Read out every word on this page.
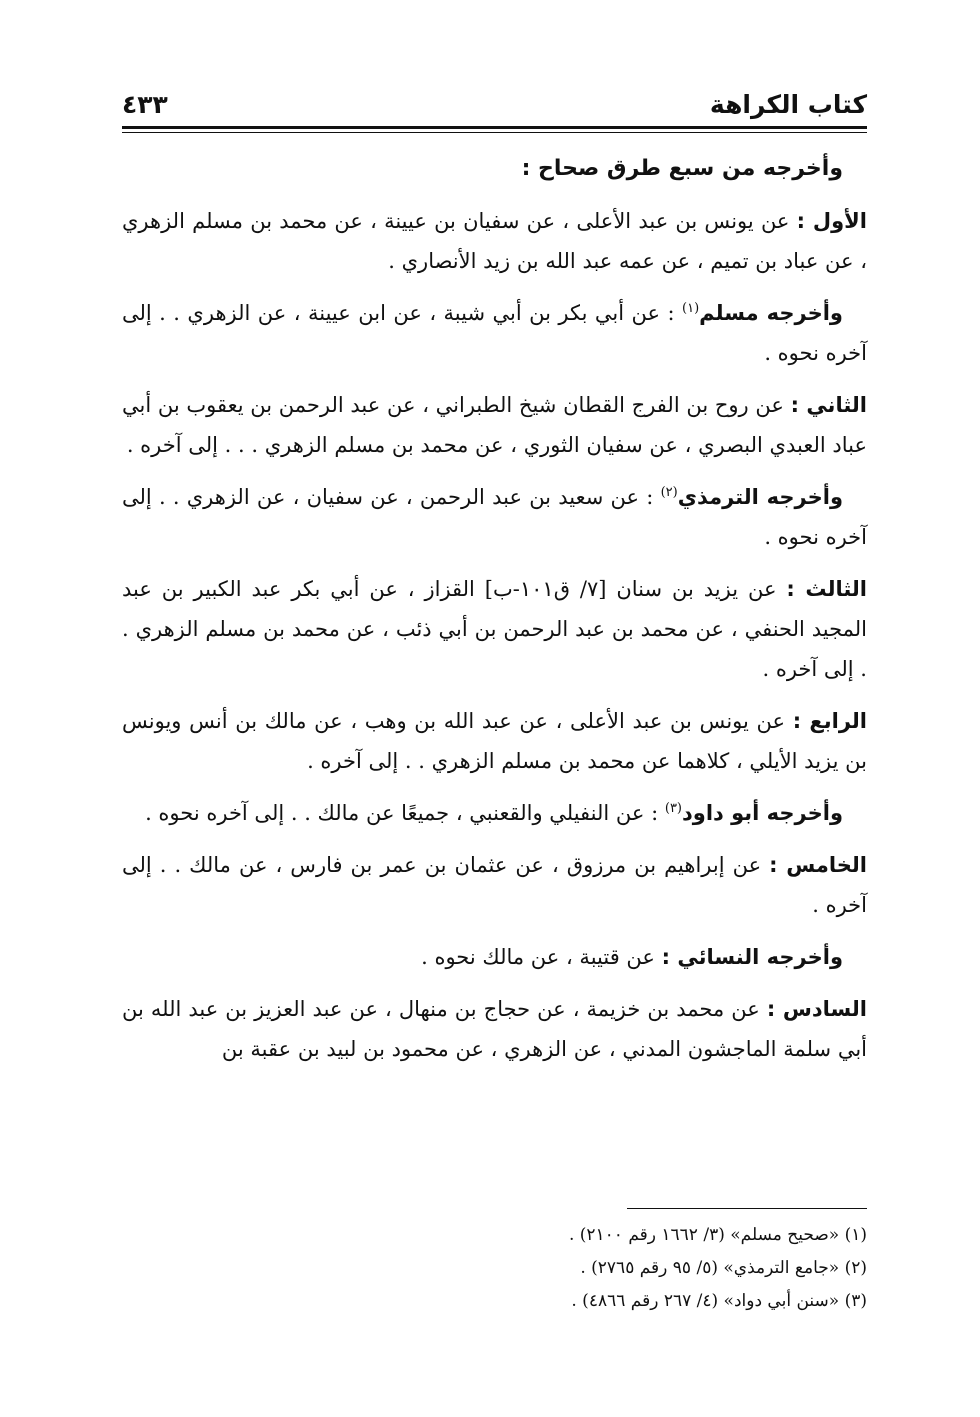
كتاب الكراهة
٤٣٣

وأخرجه من سبع طرق صحاح :

الأول : عن يونس بن عبد الأعلى ، عن سفيان بن عيينة ، عن محمد بن مسلم الزهري ، عن عباد بن تميم ، عن عمه عبد الله بن زيد الأنصاري .

وأخرجه مسلم$^{(١)}$ : عن أبي بكر بن أبي شيبة ، عن ابن عيينة ، عن الزهري . . إلى آخره نحوه .

الثاني : عن روح بن الفرج القطان شيخ الطبراني ، عن عبد الرحمن بن يعقوب بن أبي عباد العبدي البصري ، عن سفيان الثوري ، عن محمد بن مسلم الزهري . . . إلى آخره .

وأخرجه الترمذي$^{(٢)}$ : عن سعيد بن عبد الرحمن ، عن سفيان ، عن الزهري . . إلى آخره نحوه .

الثالث : عن يزيد بن سنان [٧/ ق١٠١-ب] القزاز ، عن أبي بكر عبد الكبير بن عبد المجيد الحنفي ، عن محمد بن عبد الرحمن بن أبي ذئب ، عن محمد بن مسلم الزهري . . إلى آخره .

الرابع : عن يونس بن عبد الأعلى ، عن عبد الله بن وهب ، عن مالك بن أنس ويونس بن يزيد الأيلي ، كلاهما عن محمد بن مسلم الزهري . . إلى آخره .

وأخرجه أبو داود$^{(٣)}$ : عن النفيلي والقعنبي ، جميعًا عن مالك . . إلى آخره نحوه .

الخامس : عن إبراهيم بن مرزوق ، عن عثمان بن عمر بن فارس ، عن مالك . . إلى آخره .

وأخرجه النسائي : عن قتيبة ، عن مالك نحوه .

السادس : عن محمد بن خزيمة ، عن حجاج بن منهال ، عن عبد العزيز بن عبد الله بن أبي سلمة الماجشون المدني ، عن الزهري ، عن محمود بن لبيد بن عقبة بن

(١) «صحيح مسلم» (٣/ ١٦٦٢ رقم ٢١٠٠) .
(٢) «جامع الترمذي» (٥/ ٩٥ رقم ٢٧٦٥) .
(٣) «سنن أبي دواد» (٤/ ٢٦٧ رقم ٤٨٦٦) .
